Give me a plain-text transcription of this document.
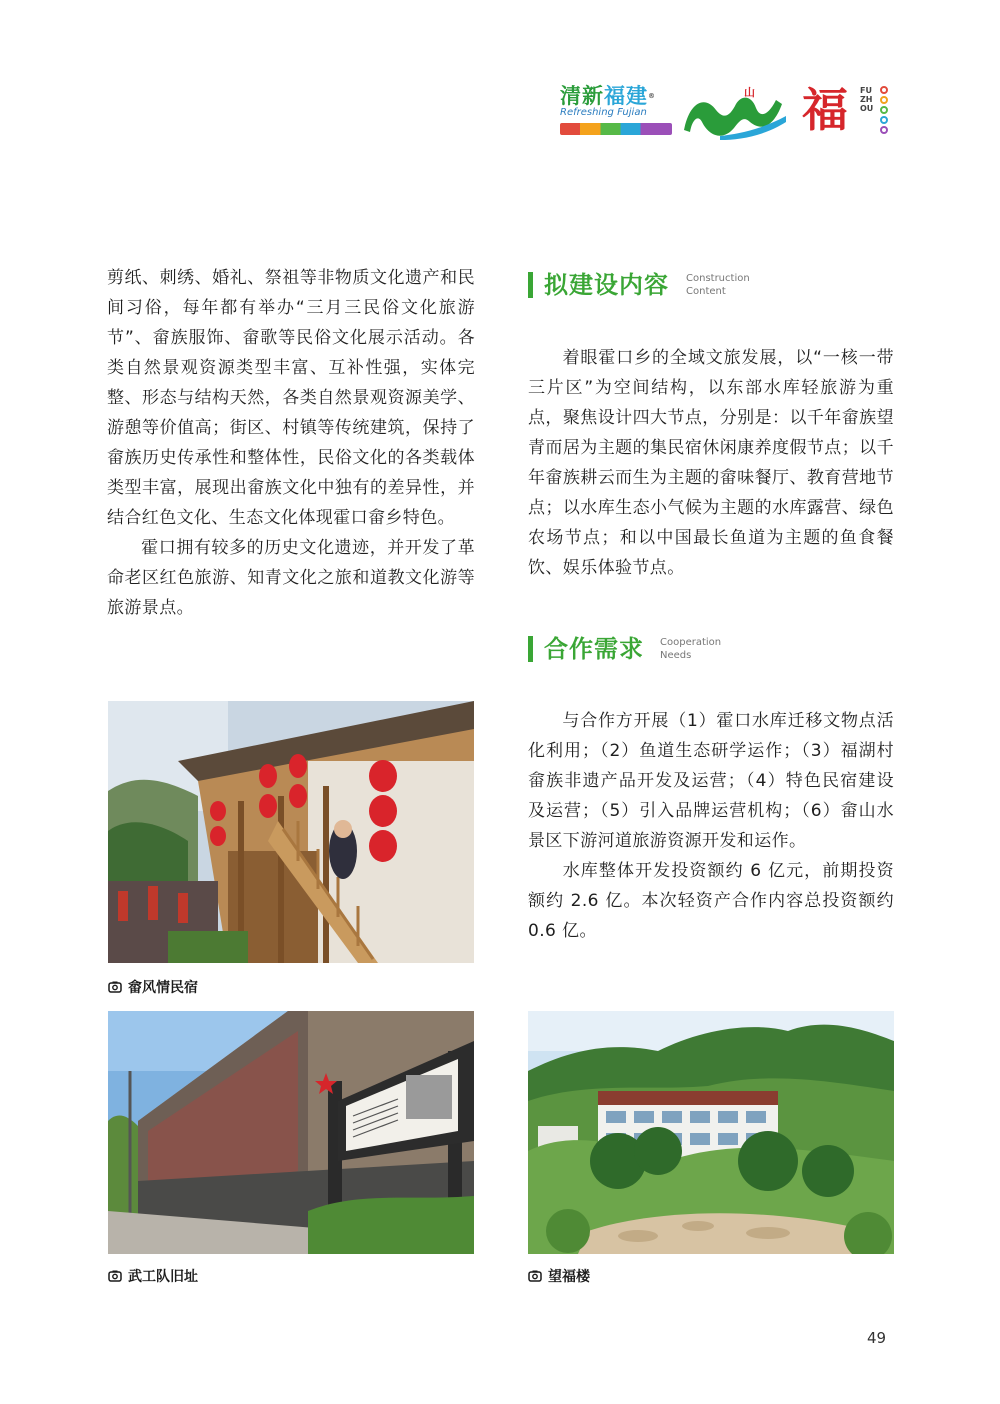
清新福建®
Refreshing Fujian
山 福 FUZHOU

剪纸、刺绣、婚礼、祭祖等非物质文化遗产和民间习俗，每年都有举办“三月三民俗文化旅游节”、畲族服饰、畲歌等民俗文化展示活动。各类自然景观资源类型丰富、互补性强，实体完整、形态与结构天然，各类自然景观资源美学、游憩等价值高；街区、村镇等传统建筑，保持了畲族历史传承性和整体性，民俗文化的各类载体类型丰富，展现出畲族文化中独有的差异性，并结合红色文化、生态文化体现霍口畲乡特色。

霍口拥有较多的历史文化遗迹，并开发了革命老区红色旅游、知青文化之旅和道教文化游等旅游景点。

拟建设内容 Construction
Content

着眼霍口乡的全域文旅发展，以“一核一带三片区”为空间结构，以东部水库轻旅游为重点，聚焦设计四大节点，分别是：以千年畲族望青而居为主题的集民宿休闲康养度假节点；以千年畲族耕云而生为主题的畲味餐厅、教育营地节点；以水库生态小气候为主题的水库露营、绿色农场节点；和以中国最长鱼道为主题的鱼食餐饮、娱乐体验节点。

合作需求 Cooperation
Needs

与合作方开展（1）霍口水库迁移文物点活化利用；（2）鱼道生态研学运作；（3）福湖村畲族非遗产品开发及运营；（4）特色民宿建设及运营；（5）引入品牌运营机构；（6）畲山水景区下游河道旅游资源开发和运作。

水库整体开发投资额约 6 亿元，前期投资额约 2.6 亿。本次轻资产合作内容总投资额约 0.6 亿。

畲风情民宿
武工队旧址	望福楼
49
